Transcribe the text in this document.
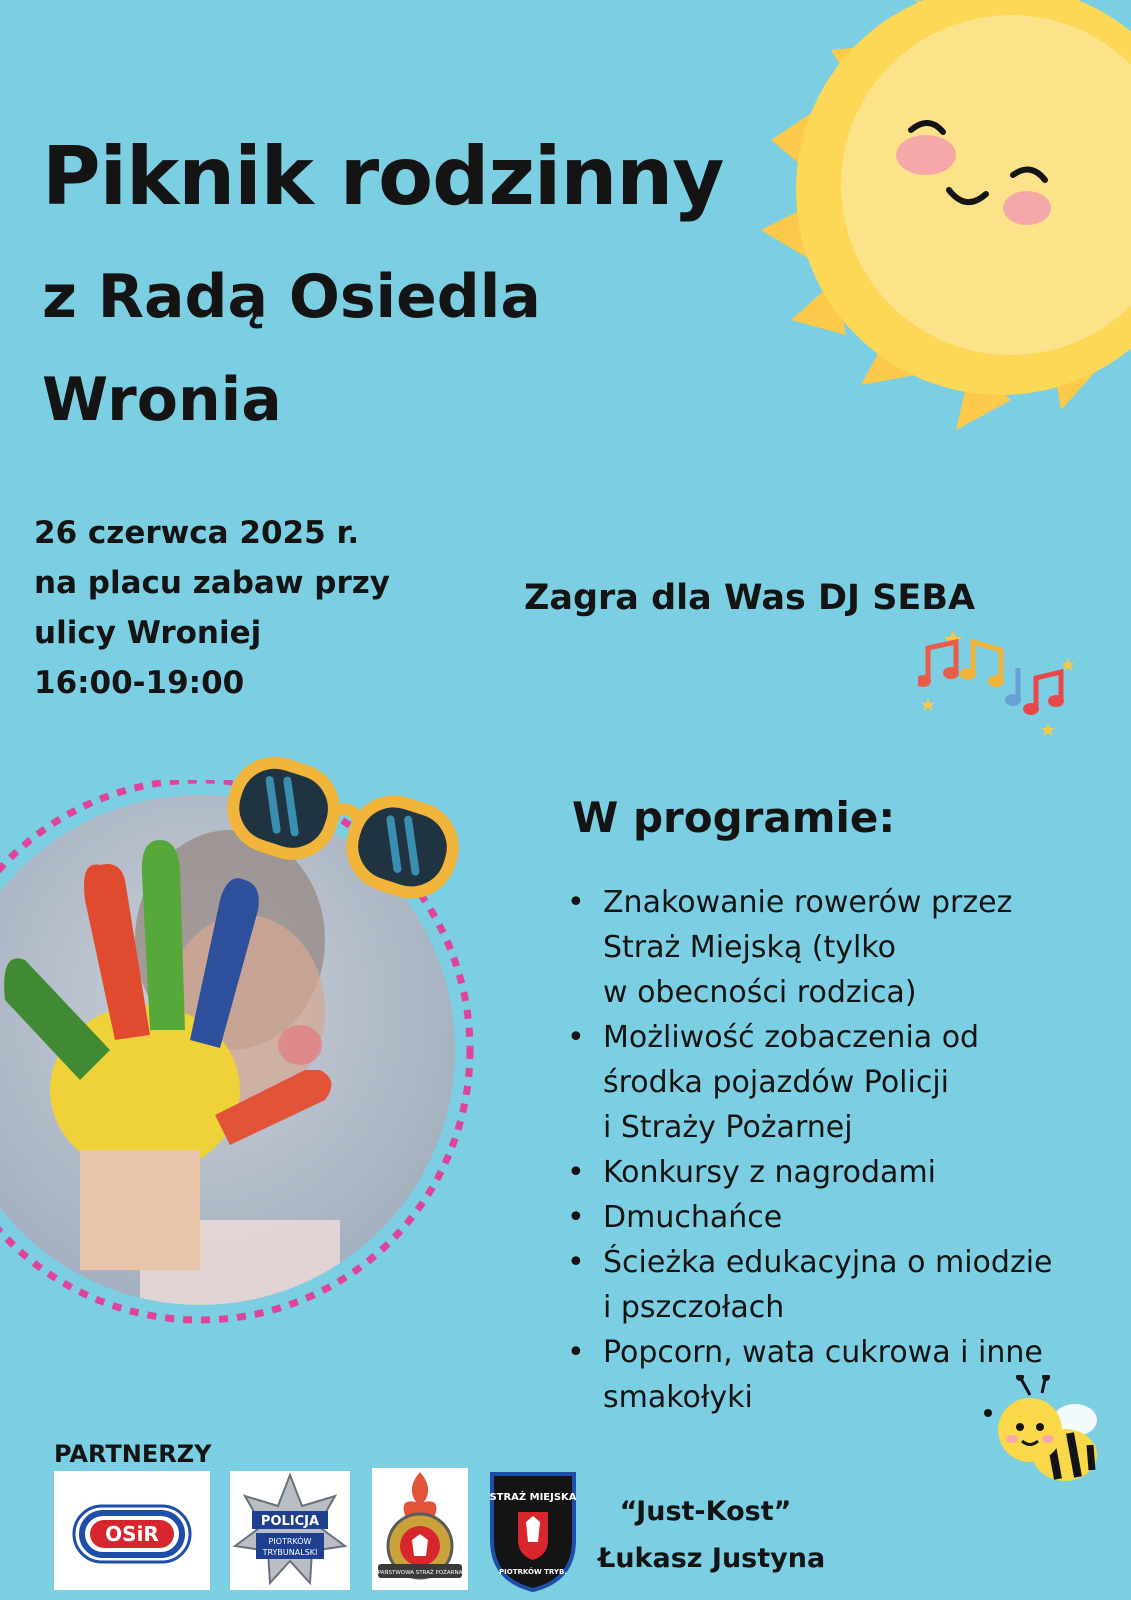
Piknik rodzinny
z Radą Osiedla
Wronia
26 czerwca 2025 r.
na placu zabaw przy
ulicy Wroniej
16:00-19:00
Zagra dla Was DJ SEBA
W programie:
• Znakowanie rowerów przez
Straż Miejską (tylko
w obecności rodzica)
• Możliwość zobaczenia od
środka pojazdów Policji
i Straży Pożarnej
• Konkursy z nagrodami
• Dmuchańce
• Ścieżka edukacyjna o miodzie
i pszczołach
• Popcorn, wata cukrowa i inne
smakołyki
PARTNERZY
OSiR
POLICJA
PIOTRKÓW
TRYBUNALSKI
PAŃSTWOWA STRAŻ POŻARNA
STRAŻ MIEJSKA
PIOTRKÓW TRYB.
“Just-Kost”
Łukasz Justyna
